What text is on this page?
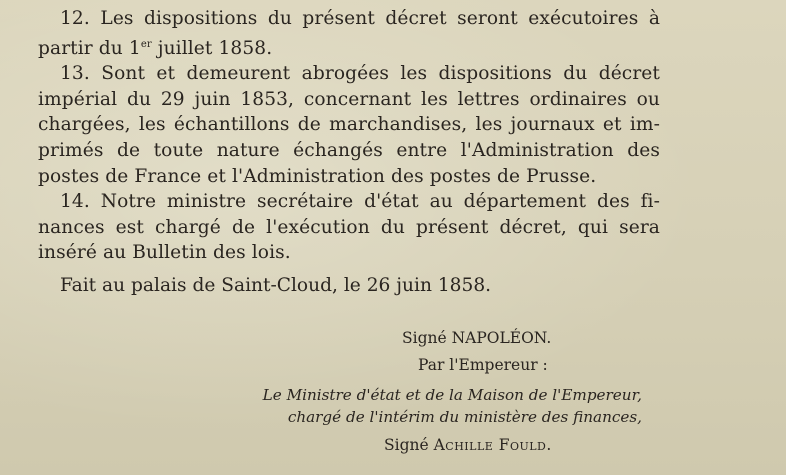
12. Les dispositions du présent décret seront exécutoires à
partir du 1er juillet 1858.

13. Sont et demeurent abrogées les dispositions du décret
impérial du 29 juin 1853, concernant les lettres ordinaires ou
chargées, les échantillons de marchandises, les journaux et im-
primés de toute nature échangés entre l'Administration des
postes de France et l'Administration des postes de Prusse.

14. Notre ministre secrétaire d'état au département des fi-
nances est chargé de l'exécution du présent décret, qui sera
inséré au Bulletin des lois.

Fait au palais de Saint-Cloud, le 26 juin 1858.
Signé NAPOLÉON.
Par l'Empereur :
Le Ministre d'état et de la Maison de l'Empereur,
chargé de l'intérim du ministère des finances,
Signé Achille Fould.
